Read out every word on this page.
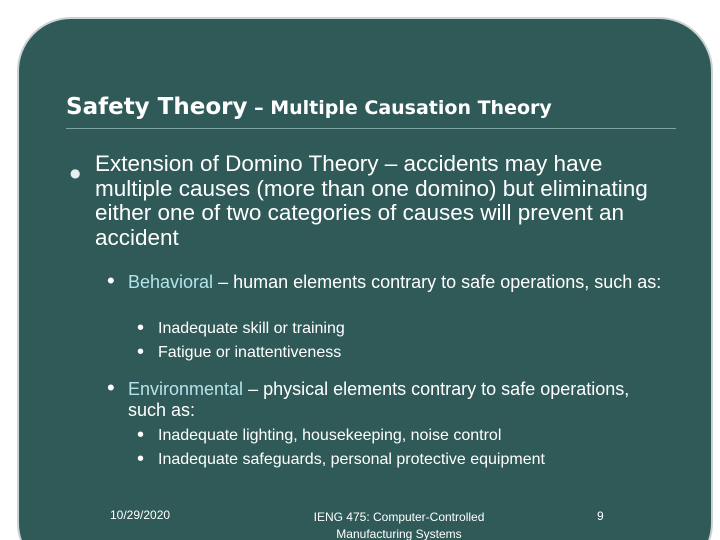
Safety Theory – Multiple Causation Theory
● Extension of Domino Theory – accidents may have multiple causes (more than one domino) but eliminating either one of two categories of causes will prevent an accident
• Behavioral – human elements contrary to safe operations, such as:
• Inadequate skill or training
• Fatigue or inattentiveness
• Environmental – physical elements contrary to safe operations, such as:
• Inadequate lighting, housekeeping, noise control
• Inadequate safeguards, personal protective equipment
10/29/2020	IENG 475: Computer-Controlled Manufacturing Systems
9
